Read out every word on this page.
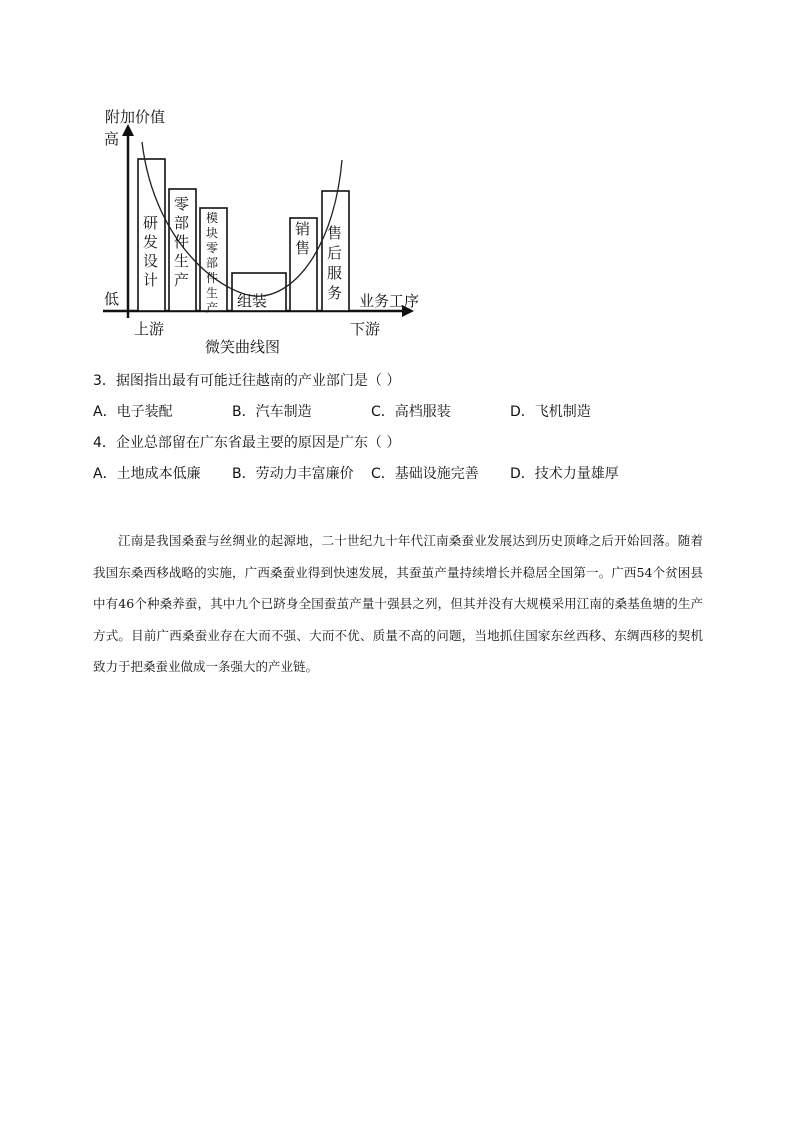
附加价值
高
低	业务工序
上游	下游
微笑曲线图
研
发
设
计
零
部
件
生
产
模
块
零
部
件
生
产 组装
销
售
售
后
服
务
3．据图指出最有可能迁往越南的产业部门是（ ）
A．电子装配	B．汽车制造	C．高档服装	D．飞机制造
4．企业总部留在广东省最主要的原因是广东（ ）
A．土地成本低廉 B．劳动力丰富廉价 C．基础设施完善 D．技术力量雄厚

江南是我国桑蚕与丝绸业的起源地，二十世纪九十年代江南桑蚕业发展达到历史顶峰之后开始回落。随着我国东桑西移战略的实施，广西桑蚕业得到快速发展，其蚕茧产量持续增长并稳居全国第一。广西54个贫困县中有46个种桑养蚕，其中九个已跻身全国蚕茧产量十强县之列，但其并没有大规模采用江南的桑基鱼塘的生产方式。目前广西桑蚕业存在大而不强、大而不优、质量不高的问题，当地抓住国家东丝西移、东绸西移的契机致力于把桑蚕业做成一条强大的产业链。
